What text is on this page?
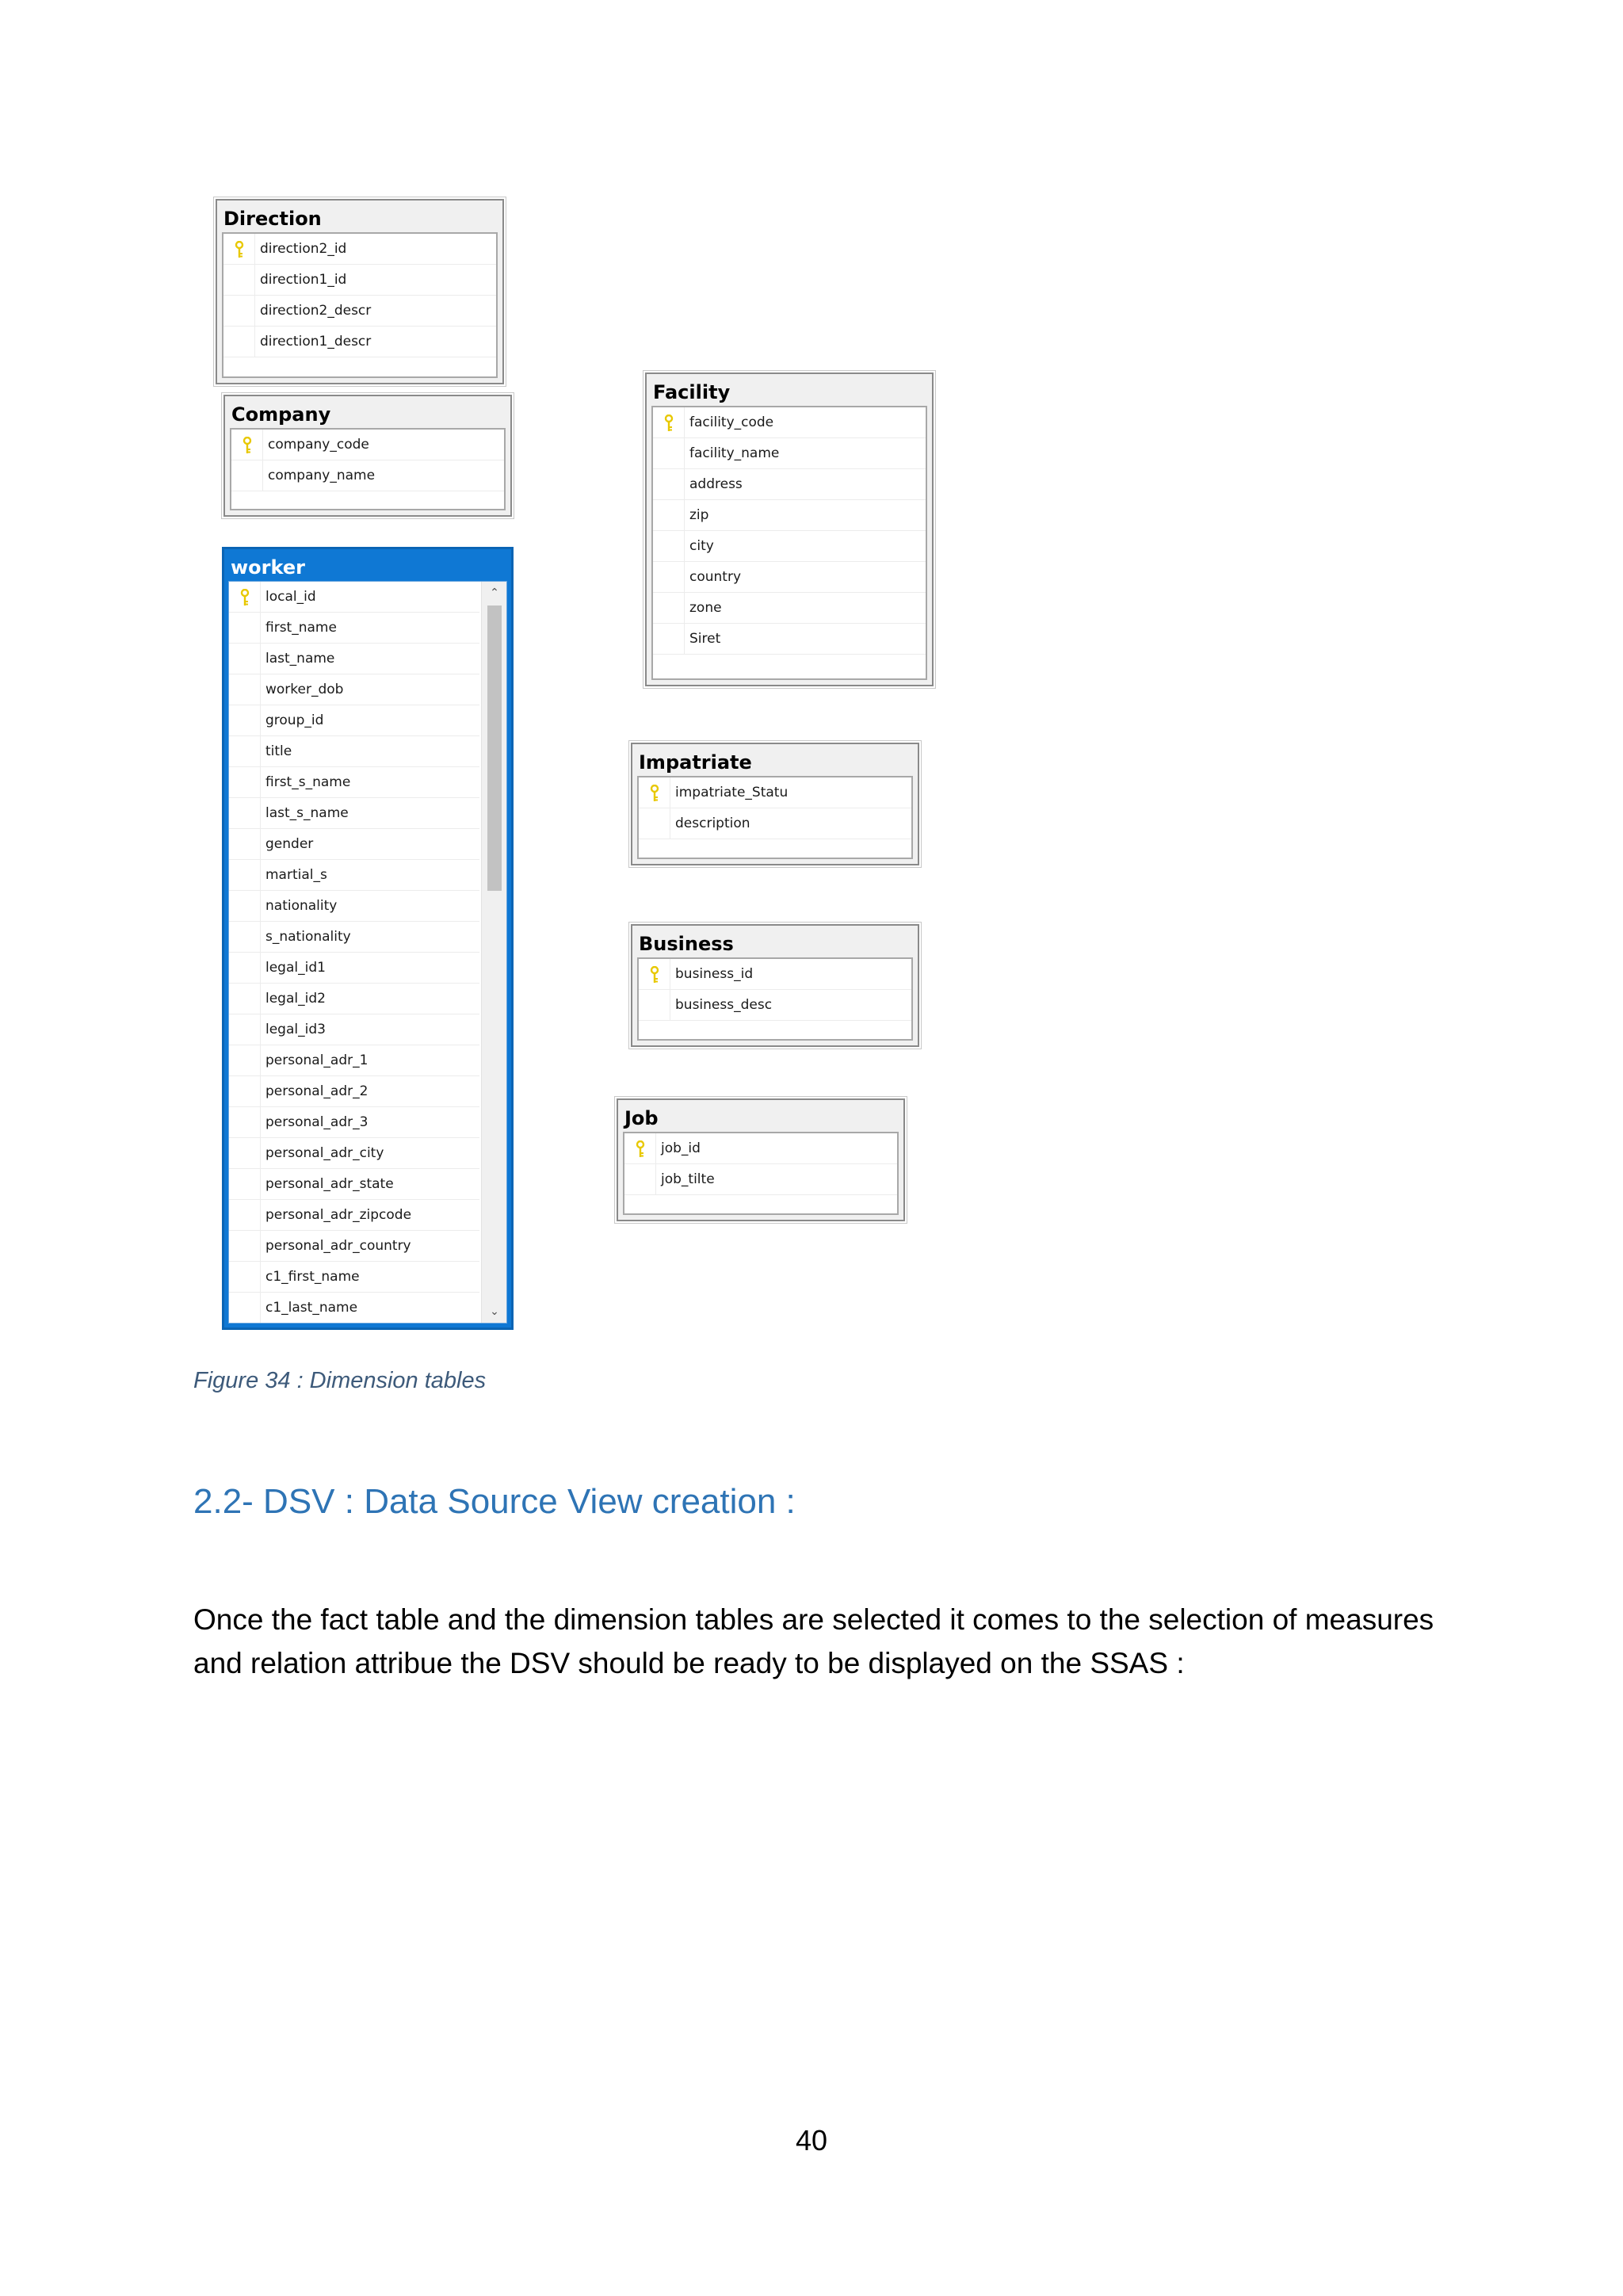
Direction
direction2_id
direction1_id
direction2_descr
direction1_descr
Company
company_code
company_name
worker
local_id
first_name
last_name
worker_dob
group_id
title
first_s_name
last_s_name
gender
martial_s
nationality
s_nationality
legal_id1
legal_id2
legal_id3
personal_adr_1
personal_adr_2
personal_adr_3
personal_adr_city
personal_adr_state
personal_adr_zipcode
personal_adr_country
c1_first_name
c1_last_name
⌃
⌄
Facility
facility_code
facility_name
address
zip
city
country
zone
Siret
Impatriate
impatriate_Statu
description
Business
business_id
business_desc
Job
job_id
job_tilte
Figure 34 : Dimension tables
2.2- DSV : Data Source View creation :
Once the fact table and the dimension tables are selected it comes to the selection of measures and relation attribue the DSV should be ready to be displayed on the SSAS :
40
